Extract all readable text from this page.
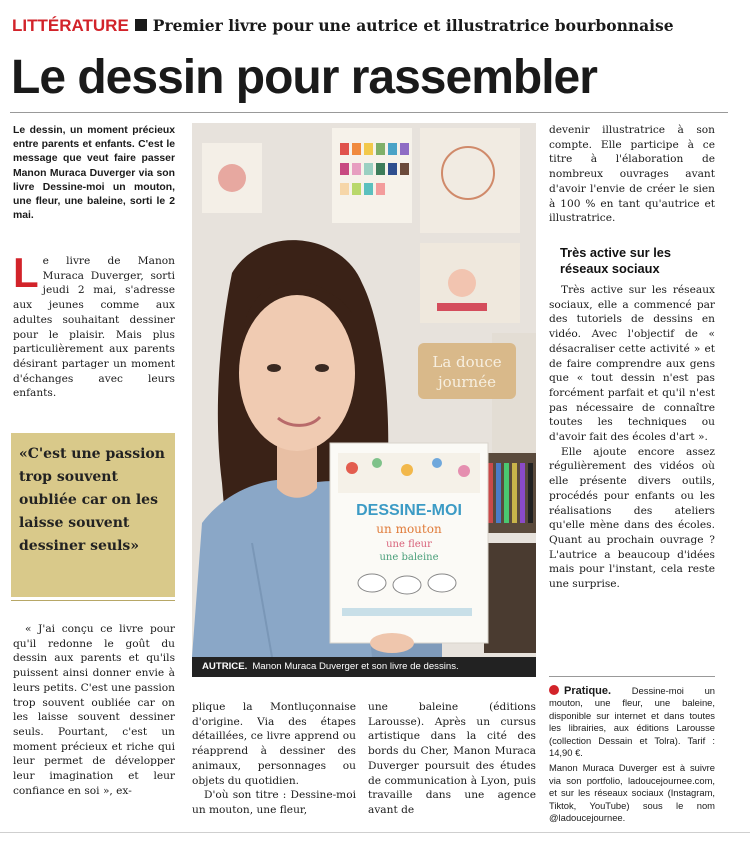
LITTÉRATURE Premier livre pour une autrice et illustratrice bourbonnaise
Le dessin pour rassembler
Le dessin, un moment précieux entre parents et enfants. C'est le message que veut faire passer Manon Muraca Duverger via son livre Dessine-moi un mouton, une fleur, une baleine, sorti le 2 mai.
Le livre de Manon Muraca Duverger, sorti jeudi 2 mai, s'adresse aux jeunes comme aux adultes souhaitant dessiner pour le plaisir. Mais plus particulièrement aux parents désirant partager un moment d'échanges avec leurs enfants.
«C'est une passion trop souvent oubliée car on les laisse souvent dessiner seuls»

« J'ai conçu ce livre pour qu'il redonne le goût du dessin aux parents et qu'ils puissent ainsi donner envie à leurs petits. C'est une passion trop souvent oubliée car on les laisse souvent dessiner seuls. Pourtant, c'est un moment précieux et riche qui leur permet de développer leur imagination et leur confiance en soi », ex-

La douce
journée
DESSINE-MOI
un mouton
une fleur
une baleine
AUTRICE. Manon Muraca Duverger et son livre de dessins.

plique la Montluçonnaise d'origine. Via des étapes détaillées, ce livre apprend ou réapprend à dessiner des animaux, personnages ou objets du quotidien.

D'où son titre : Dessine-moi un mouton, une fleur,

une baleine (éditions Larousse). Après un cursus artistique dans la cité des bords du Cher, Manon Muraca Duverger poursuit des études de communication à Lyon, puis travaille dans une agence avant de

devenir illustratrice à son compte. Elle participe à ce titre à l'élaboration de nombreux ouvrages avant d'avoir l'envie de créer le sien à 100 % en tant qu'autrice et illustratrice.

Très active sur les réseaux sociaux

Très active sur les réseaux sociaux, elle a commencé par des tutoriels de dessins en vidéo. Avec l'objectif de « désacraliser cette activité » et de faire comprendre aux gens que « tout dessin n'est pas forcément parfait et qu'il n'est pas nécessaire de connaître toutes les techniques ou d'avoir fait des écoles d'art ».

Elle ajoute encore assez régulièrement des vidéos où elle présente divers outils, procédés pour enfants ou les réalisations des ateliers qu'elle mène dans des écoles. Quant au prochain ouvrage ? L'autrice a beaucoup d'idées mais pour l'instant, cela reste une surprise.

Pratique. Dessine-moi un mouton, une fleur, une baleine, disponible sur internet et dans toutes les librairies, aux éditions Larousse (collection Dessain et Tolra). Tarif : 14,90 €.

Manon Muraca Duverger est à suivre via son portfolio, ladoucejournee.com, et sur les réseaux sociaux (Instagram, Tiktok, YouTube) sous le nom @ladoucejournee.
